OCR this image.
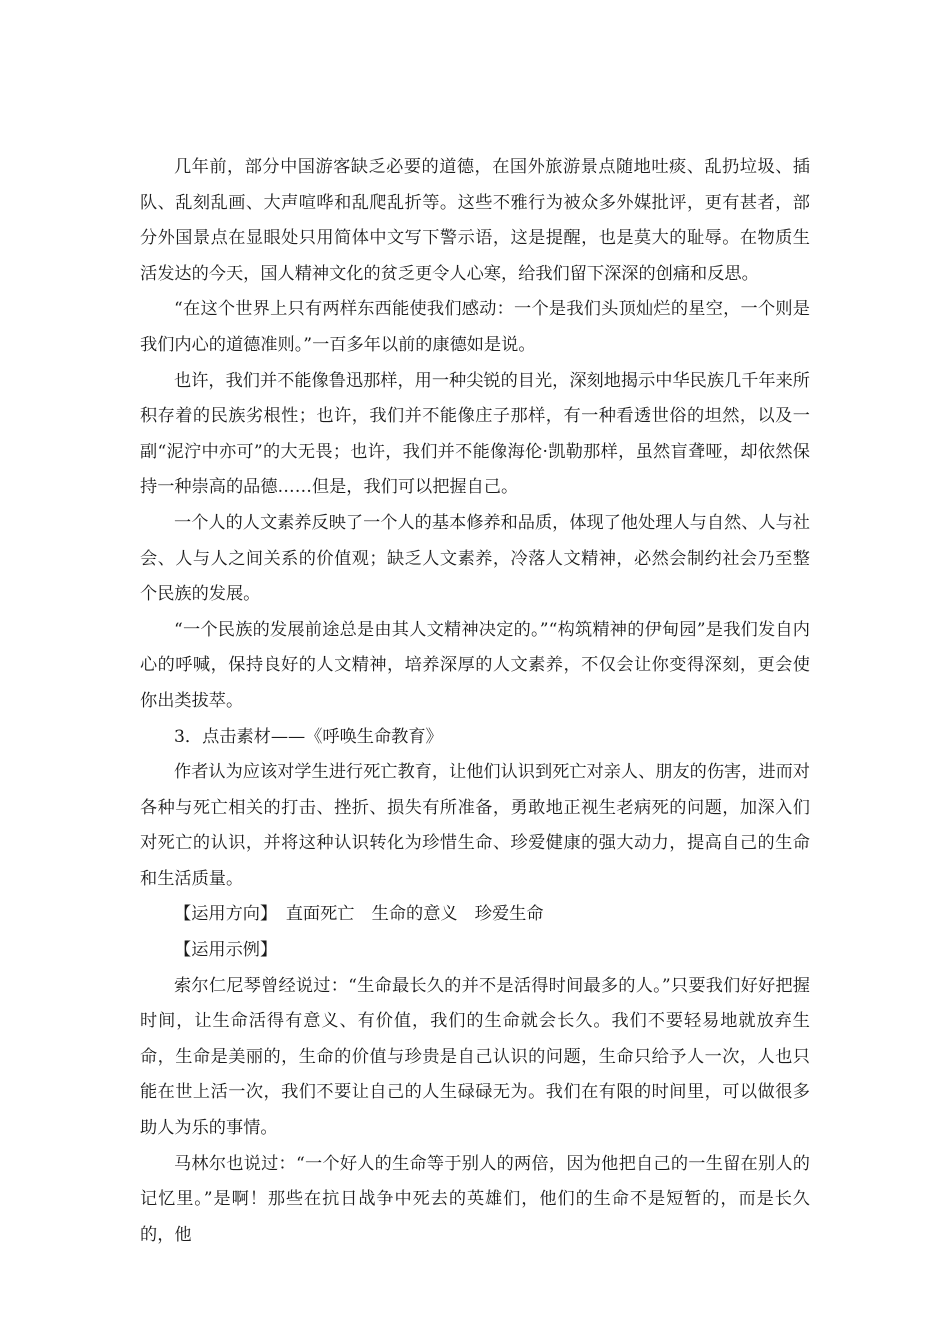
几年前，部分中国游客缺乏必要的道德，在国外旅游景点随地吐痰、乱扔垃圾、插队、乱刻乱画、大声喧哗和乱爬乱折等。这些不雅行为被众多外媒批评，更有甚者，部分外国景点在显眼处只用简体中文写下警示语，这是提醒，也是莫大的耻辱。在物质生活发达的今天，国人精神文化的贫乏更令人心寒，给我们留下深深的创痛和反思。

“在这个世界上只有两样东西能使我们感动：一个是我们头顶灿烂的星空，一个则是我们内心的道德准则。”一百多年以前的康德如是说。

也许，我们并不能像鲁迅那样，用一种尖锐的目光，深刻地揭示中华民族几千年来所积存着的民族劣根性；也许，我们并不能像庄子那样，有一种看透世俗的坦然，以及一副“泥泞中亦可”的大无畏；也许，我们并不能像海伦·凯勒那样，虽然盲聋哑，却依然保持一种崇高的品德……但是，我们可以把握自己。

一个人的人文素养反映了一个人的基本修养和品质，体现了他处理人与自然、人与社会、人与人之间关系的价值观；缺乏人文素养，冷落人文精神，必然会制约社会乃至整个民族的发展。

“一个民族的发展前途总是由其人文精神决定的。”“构筑精神的伊甸园”是我们发自内心的呼喊，保持良好的人文精神，培养深厚的人文素养，不仅会让你变得深刻，更会使你出类拔萃。

3．点击素材——《呼唤生命教育》

作者认为应该对学生进行死亡教育，让他们认识到死亡对亲人、朋友的伤害，进而对各种与死亡相关的打击、挫折、损失有所准备，勇敢地正视生老病死的问题，加深入们对死亡的认识，并将这种认识转化为珍惜生命、珍爱健康的强大动力，提高自己的生命和生活质量。

【运用方向】　直面死亡　生命的意义　珍爱生命

【运用示例】

索尔仁尼琴曾经说过：“生命最长久的并不是活得时间最多的人。”只要我们好好把握时间，让生命活得有意义、有价值，我们的生命就会长久。我们不要轻易地就放弃生命，生命是美丽的，生命的价值与珍贵是自己认识的问题，生命只给予人一次，人也只能在世上活一次，我们不要让自己的人生碌碌无为。我们在有限的时间里，可以做很多助人为乐的事情。

马林尔也说过：“一个好人的生命等于别人的两倍，因为他把自己的一生留在别人的记忆里。”是啊！那些在抗日战争中死去的英雄们，他们的生命不是短暂的，而是长久的，他
